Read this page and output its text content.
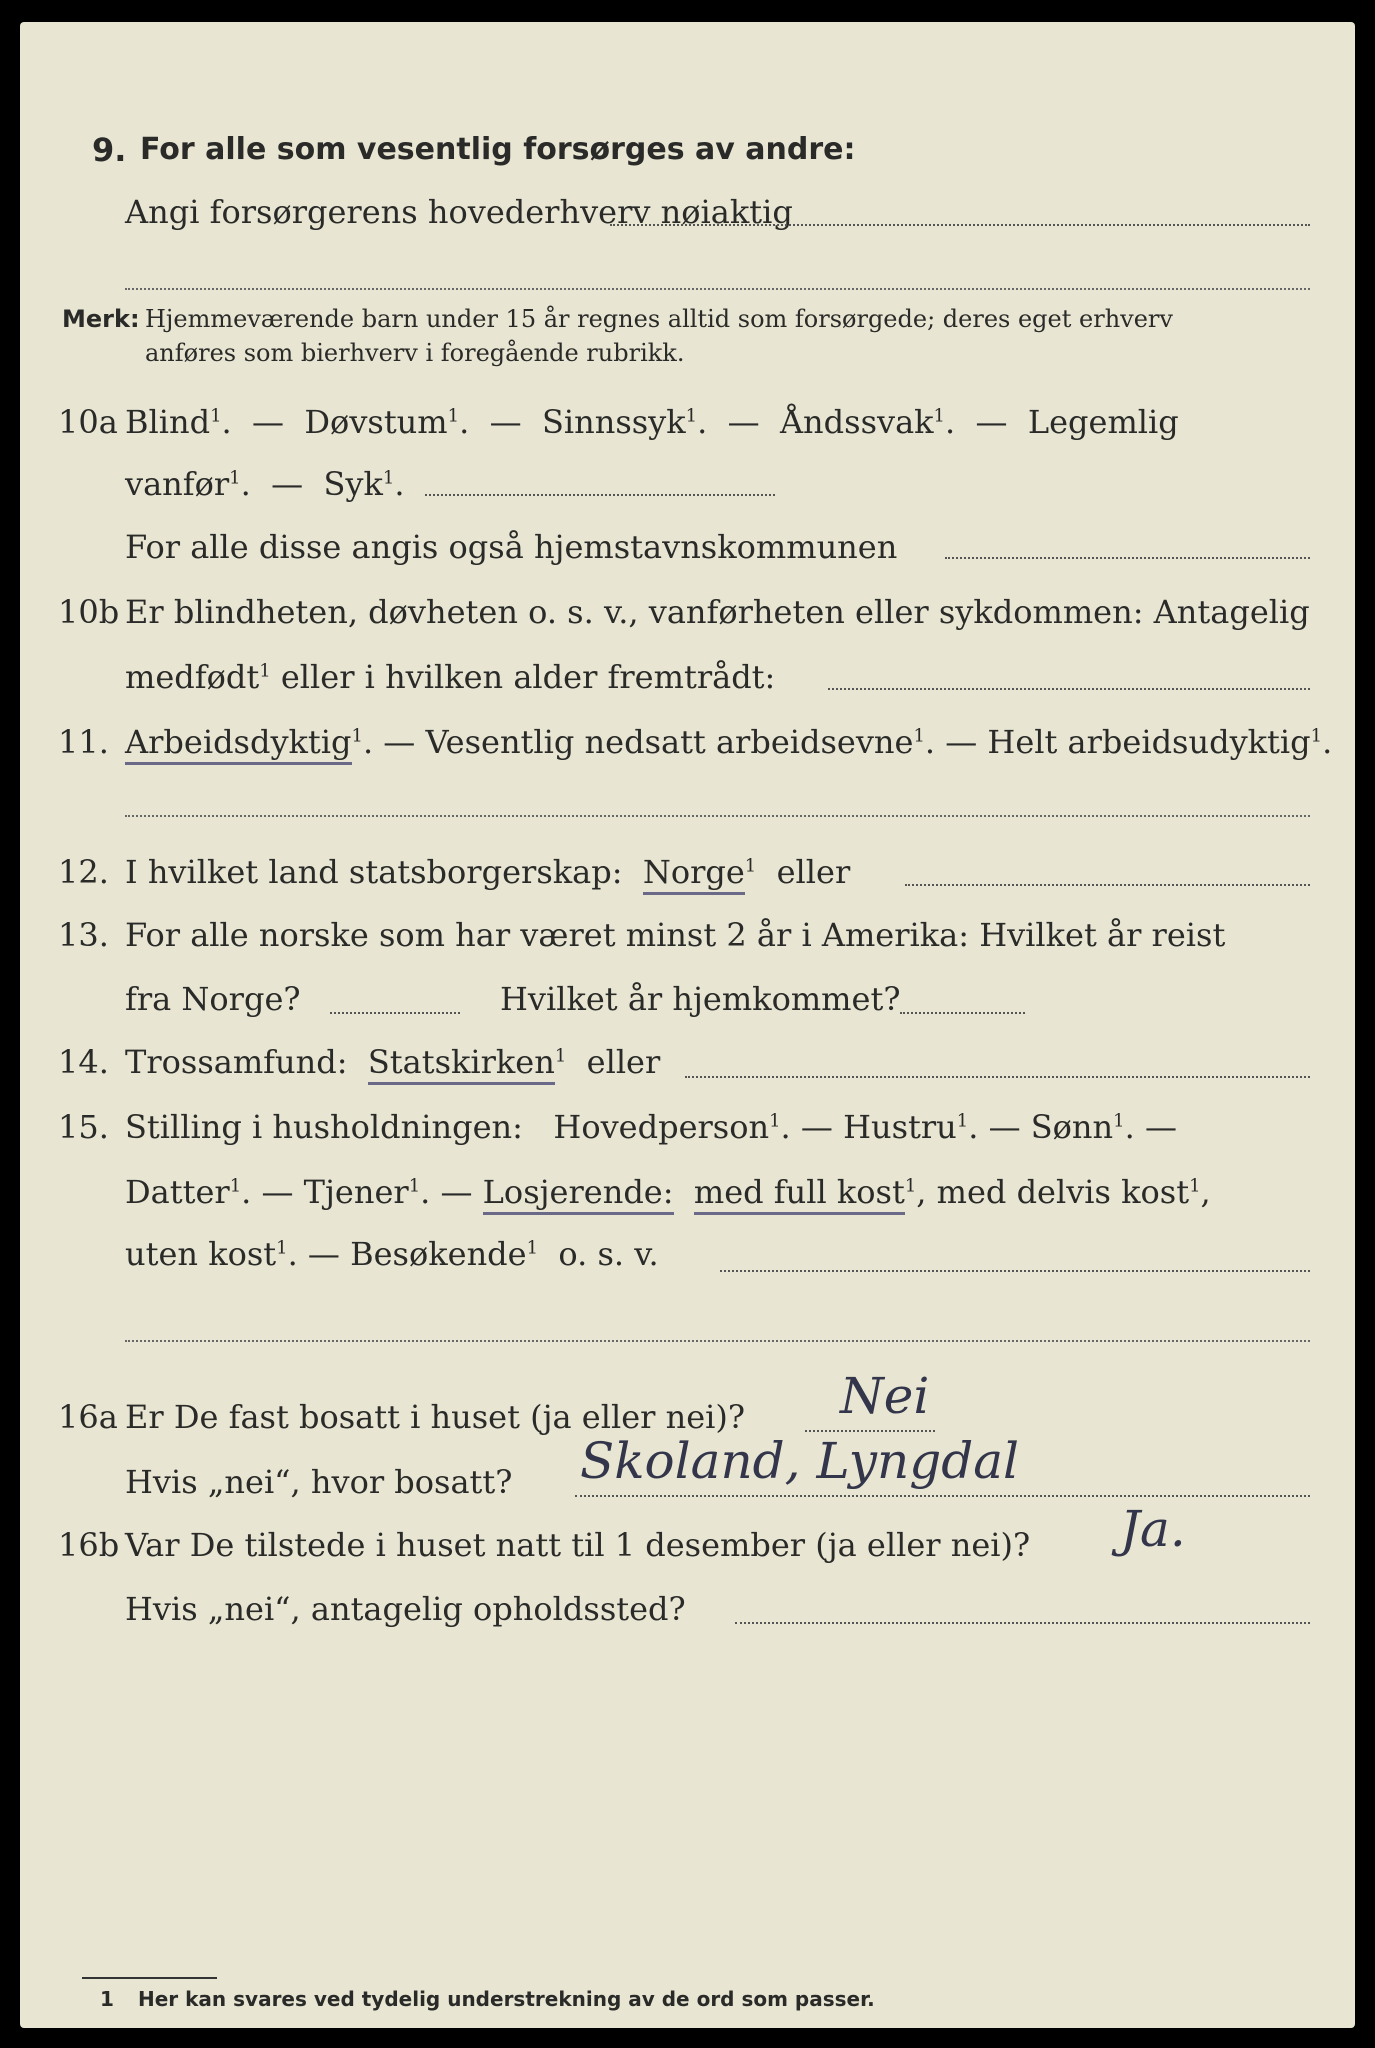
9. For alle som vesentlig forsørges av andre:
Angi forsørgerens hovederhverv nøiaktig
Merk: Hjemmeværende barn under 15 år regnes alltid som forsørgede; deres eget erhverv
anføres som bierhverv i foregående rubrikk.
10a Blind$^1$.  —  Døvstum$^1$.  —  Sinnssyk$^1$.  —  Åndssvak$^1$.  —  Legemlig
vanfør$^1$.  —  Syk$^1$.
For alle disse angis også hjemstavnskommunen
10b Er blindheten, døvheten o. s. v., vanførheten eller sykdommen: Antagelig
medfødt$^1$ eller i hvilken alder fremtrådt:
11. Arbeidsdyktig$^1$. — Vesentlig nedsatt arbeidsevne$^1$. — Helt arbeidsudyktig$^1$.
12. I hvilket land statsborgerskap: Norge$^1$ eller
13. For alle norske som har været minst 2 år i Amerika: Hvilket år reist
fra Norge?	Hvilket år hjemkommet?
14. Trossamfund: Statskirken$^1$ eller
15. Stilling i husholdningen: Hovedperson$^1$. — Hustru$^1$. — Sønn$^1$. —
Datter$^1$. — Tjener$^1$. — Losjerende: med full kost$^1$, med delvis kost$^1$,
uten kost$^1$. — Besøkende$^1$ o. s. v.
16a Er De fast bosatt i huset (ja eller nei)? Nei
Hvis „nei“, hvor bosatt? Skoland, Lyngdal
16b Var De tilstede i huset natt til 1 desember (ja eller nei)? Ja.
Hvis „nei“, antagelig opholdssted?
1 Her kan svares ved tydelig understrekning av de ord som passer.
